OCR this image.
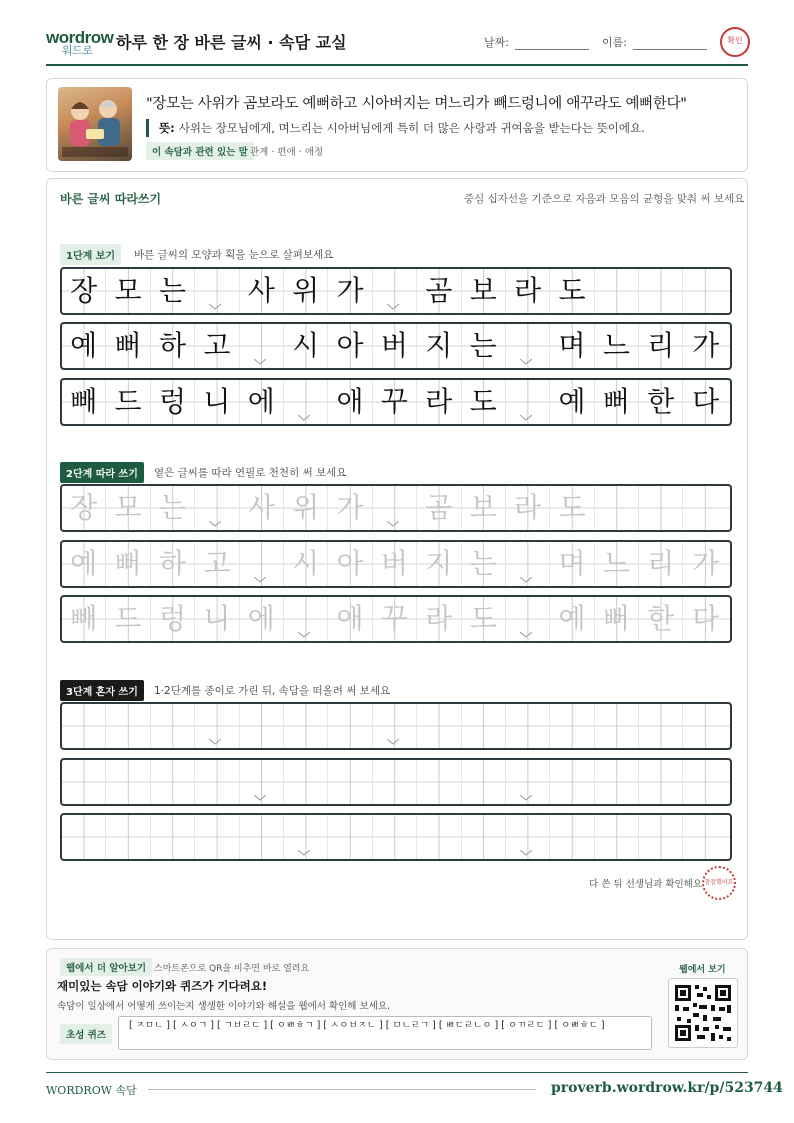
wordrow
워드로	하루 한 장 바른 글씨 · 속담 교실	날짜:	이름:	확인
"장모는 사위가 곰보라도 예뻐하고 시아버지는 며느리가 빼드렁니에 애꾸라도 예뻐한다"
뜻: 사위는 장모님에게, 며느리는 시아버님에게 특히 더 많은 사랑과 귀여움을 받는다는 뜻이에요.
이 속담과 관련 있는 말 관계 · 편애 · 애정
바른 글씨 따라쓰기	중심 십자선을 기준으로 자음과 모음의 균형을 맞춰 써 보세요
1단계 보기	바른 글씨의 모양과 획을 눈으로 살펴보세요
장 모 는	사 위 가	곰 보 라 도
예 뻐 하 고	시 아 버 지 는	며 느 리 가
빼 드 렁 니 에	애 꾸 라 도	예 뻐 한 다
2단계 따라 쓰기	옅은 글씨를 따라 연필로 천천히 써 보세요
장 모 는	사 위 가	곰 보 라 도
예 뻐 하 고	시 아 버 지 는	며 느 리 가
빼 드 렁 니 에	애 꾸 라 도	예 뻐 한 다
3단계 혼자 쓰기	1·2단계를 종이로 가린 뒤, 속담을 떠올려 써 보세요
다 쓴 뒤 선생님과 확인해요 참잘했어요
웹에서 더 알아보기 스마트폰으로 QR을 비추면 바로 열려요
재미있는 속담 이야기와 퀴즈가 기다려요!
속담이 일상에서 어떻게 쓰이는지 생생한 이야기와 해설을 웹에서 확인해 보세요.
초성 퀴즈
[ ㅈㅁㄴ ] [ ㅅㅇㄱ ] [ ㄱㅂㄹㄷ ] [ ㅇㅃㅎㄱ ] [ ㅅㅇㅂㅈㄴ ] [ ㅁㄴㄹㄱ ] [ ㅃㄷㄹㄴㅇ ] [ ㅇㄲㄹㄷ ] [ ㅇㅃㅎㄷ ]
웹에서 보기
WORDROW 속담	proverb.wordrow.kr/p/523744
